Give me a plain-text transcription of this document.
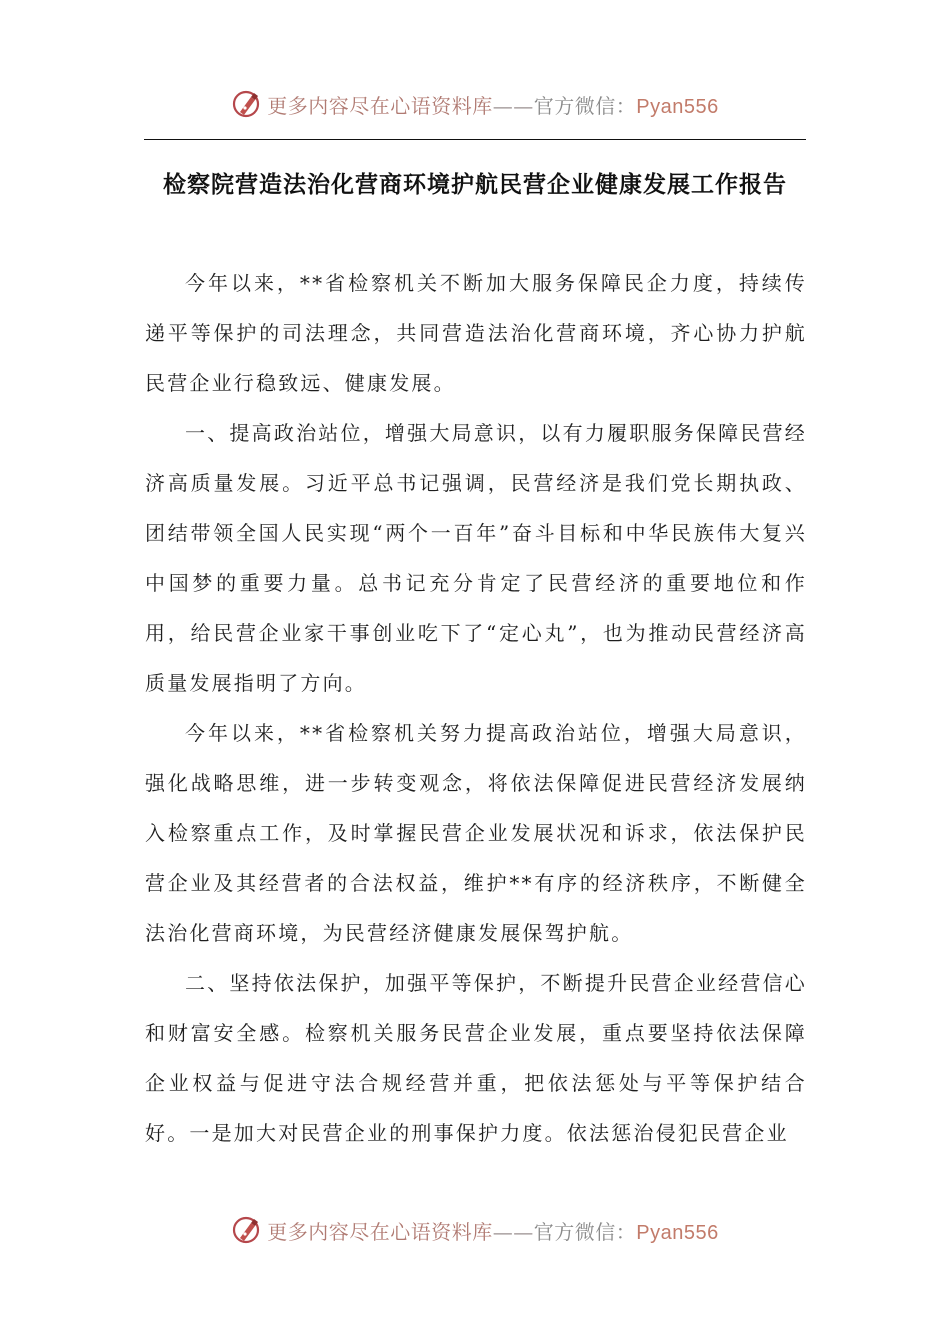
更多内容尽在心语资料库——官方微信：Pyan556
检察院营造法治化营商环境护航民营企业健康发展工作报告

今年以来，**省检察机关不断加大服务保障民企力度，持续传递平等保护的司法理念，共同营造法治化营商环境，齐心协力护航民营企业行稳致远、健康发展。

一、提高政治站位，增强大局意识，以有力履职服务保障民营经济高质量发展。习近平总书记强调，民营经济是我们党长期执政、团结带领全国人民实现“两个一百年”奋斗目标和中华民族伟大复兴中国梦的重要力量。总书记充分肯定了民营经济的重要地位和作用，给民营企业家干事创业吃下了“定心丸”，也为推动民营经济高质量发展指明了方向。

今年以来，**省检察机关努力提高政治站位，增强大局意识，强化战略思维，进一步转变观念，将依法保障促进民营经济发展纳入检察重点工作，及时掌握民营企业发展状况和诉求，依法保护民营企业及其经营者的合法权益，维护**有序的经济秩序，不断健全法治化营商环境，为民营经济健康发展保驾护航。

二、坚持依法保护，加强平等保护，不断提升民营企业经营信心和财富安全感。检察机关服务民营企业发展，重点要坚持依法保障企业权益与促进守法合规经营并重，把依法惩处与平等保护结合好。一是加大对民营企业的刑事保护力度。依法惩治侵犯民营企业

更多内容尽在心语资料库——官方微信：Pyan556
